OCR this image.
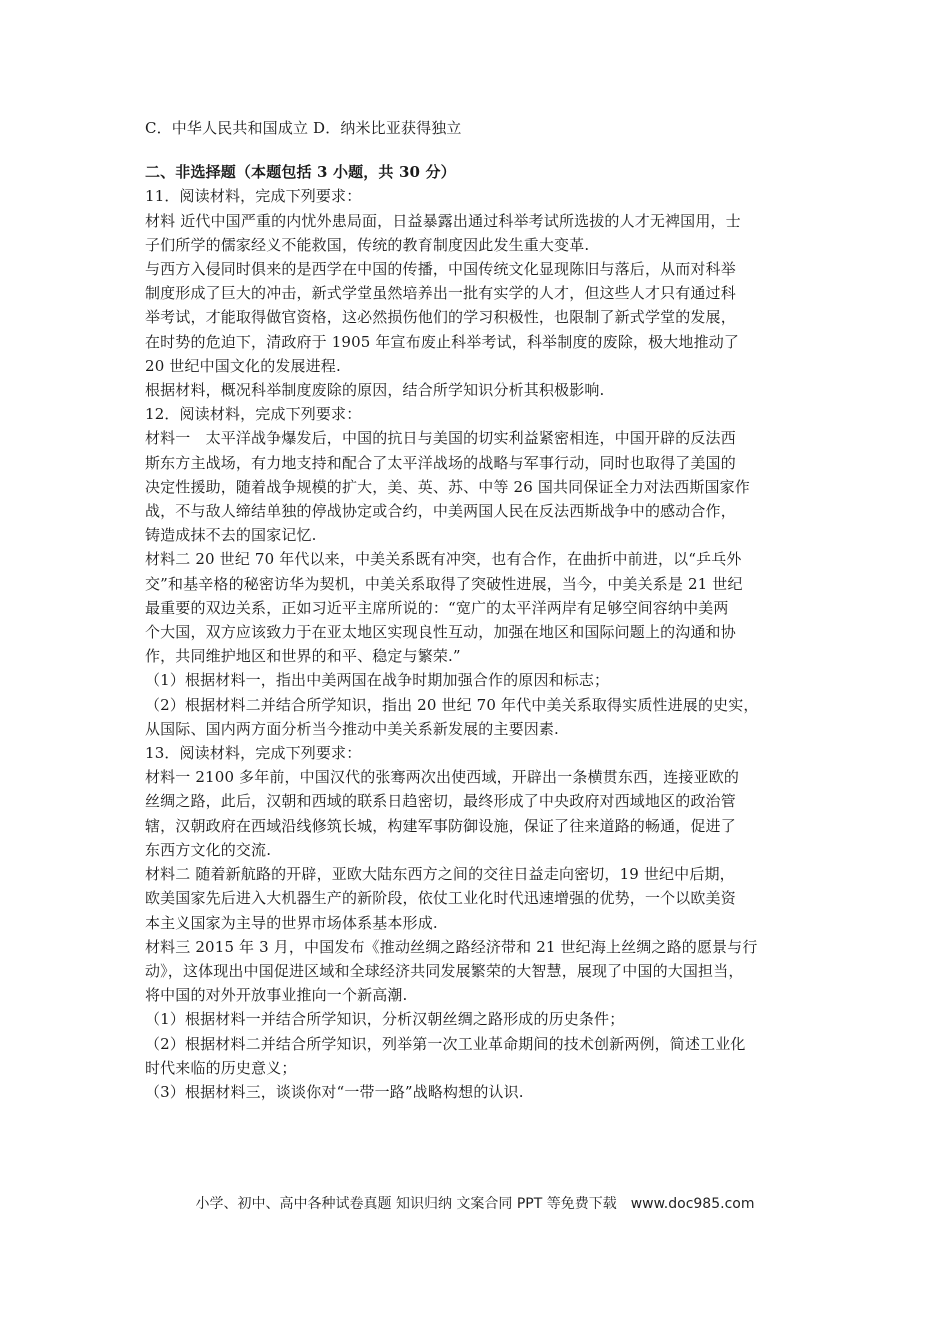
C．中华人民共和国成立 D．纳米比亚获得独立
二、非选择题（本题包括 3 小题，共 30 分）
11．阅读材料，完成下列要求：
材料 近代中国严重的内忧外患局面，日益暴露出通过科举考试所选拔的人才无裨国用，士
子们所学的儒家经义不能救国，传统的教育制度因此发生重大变革.
与西方入侵同时俱来的是西学在中国的传播，中国传统文化显现陈旧与落后，从而对科举
制度形成了巨大的冲击，新式学堂虽然培养出一批有实学的人才，但这些人才只有通过科
举考试，才能取得做官资格，这必然损伤他们的学习积极性，也限制了新式学堂的发展，
在时势的危迫下，清政府于 1905 年宣布废止科举考试，科举制度的废除，极大地推动了
20 世纪中国文化的发展进程.
根据材料，概况科举制度废除的原因，结合所学知识分析其积极影响.
12．阅读材料，完成下列要求：
材料一　太平洋战争爆发后，中国的抗日与美国的切实利益紧密相连，中国开辟的反法西
斯东方主战场，有力地支持和配合了太平洋战场的战略与军事行动，同时也取得了美国的
决定性援助，随着战争规模的扩大，美、英、苏、中等 26 国共同保证全力对法西斯国家作
战，不与敌人缔结单独的停战协定或合约，中美两国人民在反法西斯战争中的感动合作，
铸造成抹不去的国家记忆.
材料二 20 世纪 70 年代以来，中美关系既有冲突，也有合作，在曲折中前进，以“乒乓外
交”和基辛格的秘密访华为契机，中美关系取得了突破性进展，当今，中美关系是 21 世纪
最重要的双边关系，正如习近平主席所说的：“宽广的太平洋两岸有足够空间容纳中美两
个大国，双方应该致力于在亚太地区实现良性互动，加强在地区和国际问题上的沟通和协
作，共同维护地区和世界的和平、稳定与繁荣.”
（1）根据材料一，指出中美两国在战争时期加强合作的原因和标志；
（2）根据材料二并结合所学知识，指出 20 世纪 70 年代中美关系取得实质性进展的史实，
从国际、国内两方面分析当今推动中美关系新发展的主要因素.
13．阅读材料，完成下列要求：
材料一 2100 多年前，中国汉代的张骞两次出使西域，开辟出一条横贯东西，连接亚欧的
丝绸之路，此后，汉朝和西域的联系日趋密切，最终形成了中央政府对西域地区的政治管
辖，汉朝政府在西域沿线修筑长城，构建军事防御设施，保证了往来道路的畅通，促进了
东西方文化的交流.
材料二 随着新航路的开辟，亚欧大陆东西方之间的交往日益走向密切，19 世纪中后期，
欧美国家先后进入大机器生产的新阶段，依仗工业化时代迅速增强的优势，一个以欧美资
本主义国家为主导的世界市场体系基本形成.
材料三 2015 年 3 月，中国发布《推动丝绸之路经济带和 21 世纪海上丝绸之路的愿景与行
动》，这体现出中国促进区域和全球经济共同发展繁荣的大智慧，展现了中国的大国担当，
将中国的对外开放事业推向一个新高潮.
（1）根据材料一并结合所学知识，分析汉朝丝绸之路形成的历史条件；
（2）根据材料二并结合所学知识，列举第一次工业革命期间的技术创新两例，简述工业化
时代来临的历史意义；
（3）根据材料三，谈谈你对“一带一路”战略构想的认识.
小学、初中、高中各种试卷真题 知识归纳 文案合同 PPT 等免费下载　www.doc985.com
